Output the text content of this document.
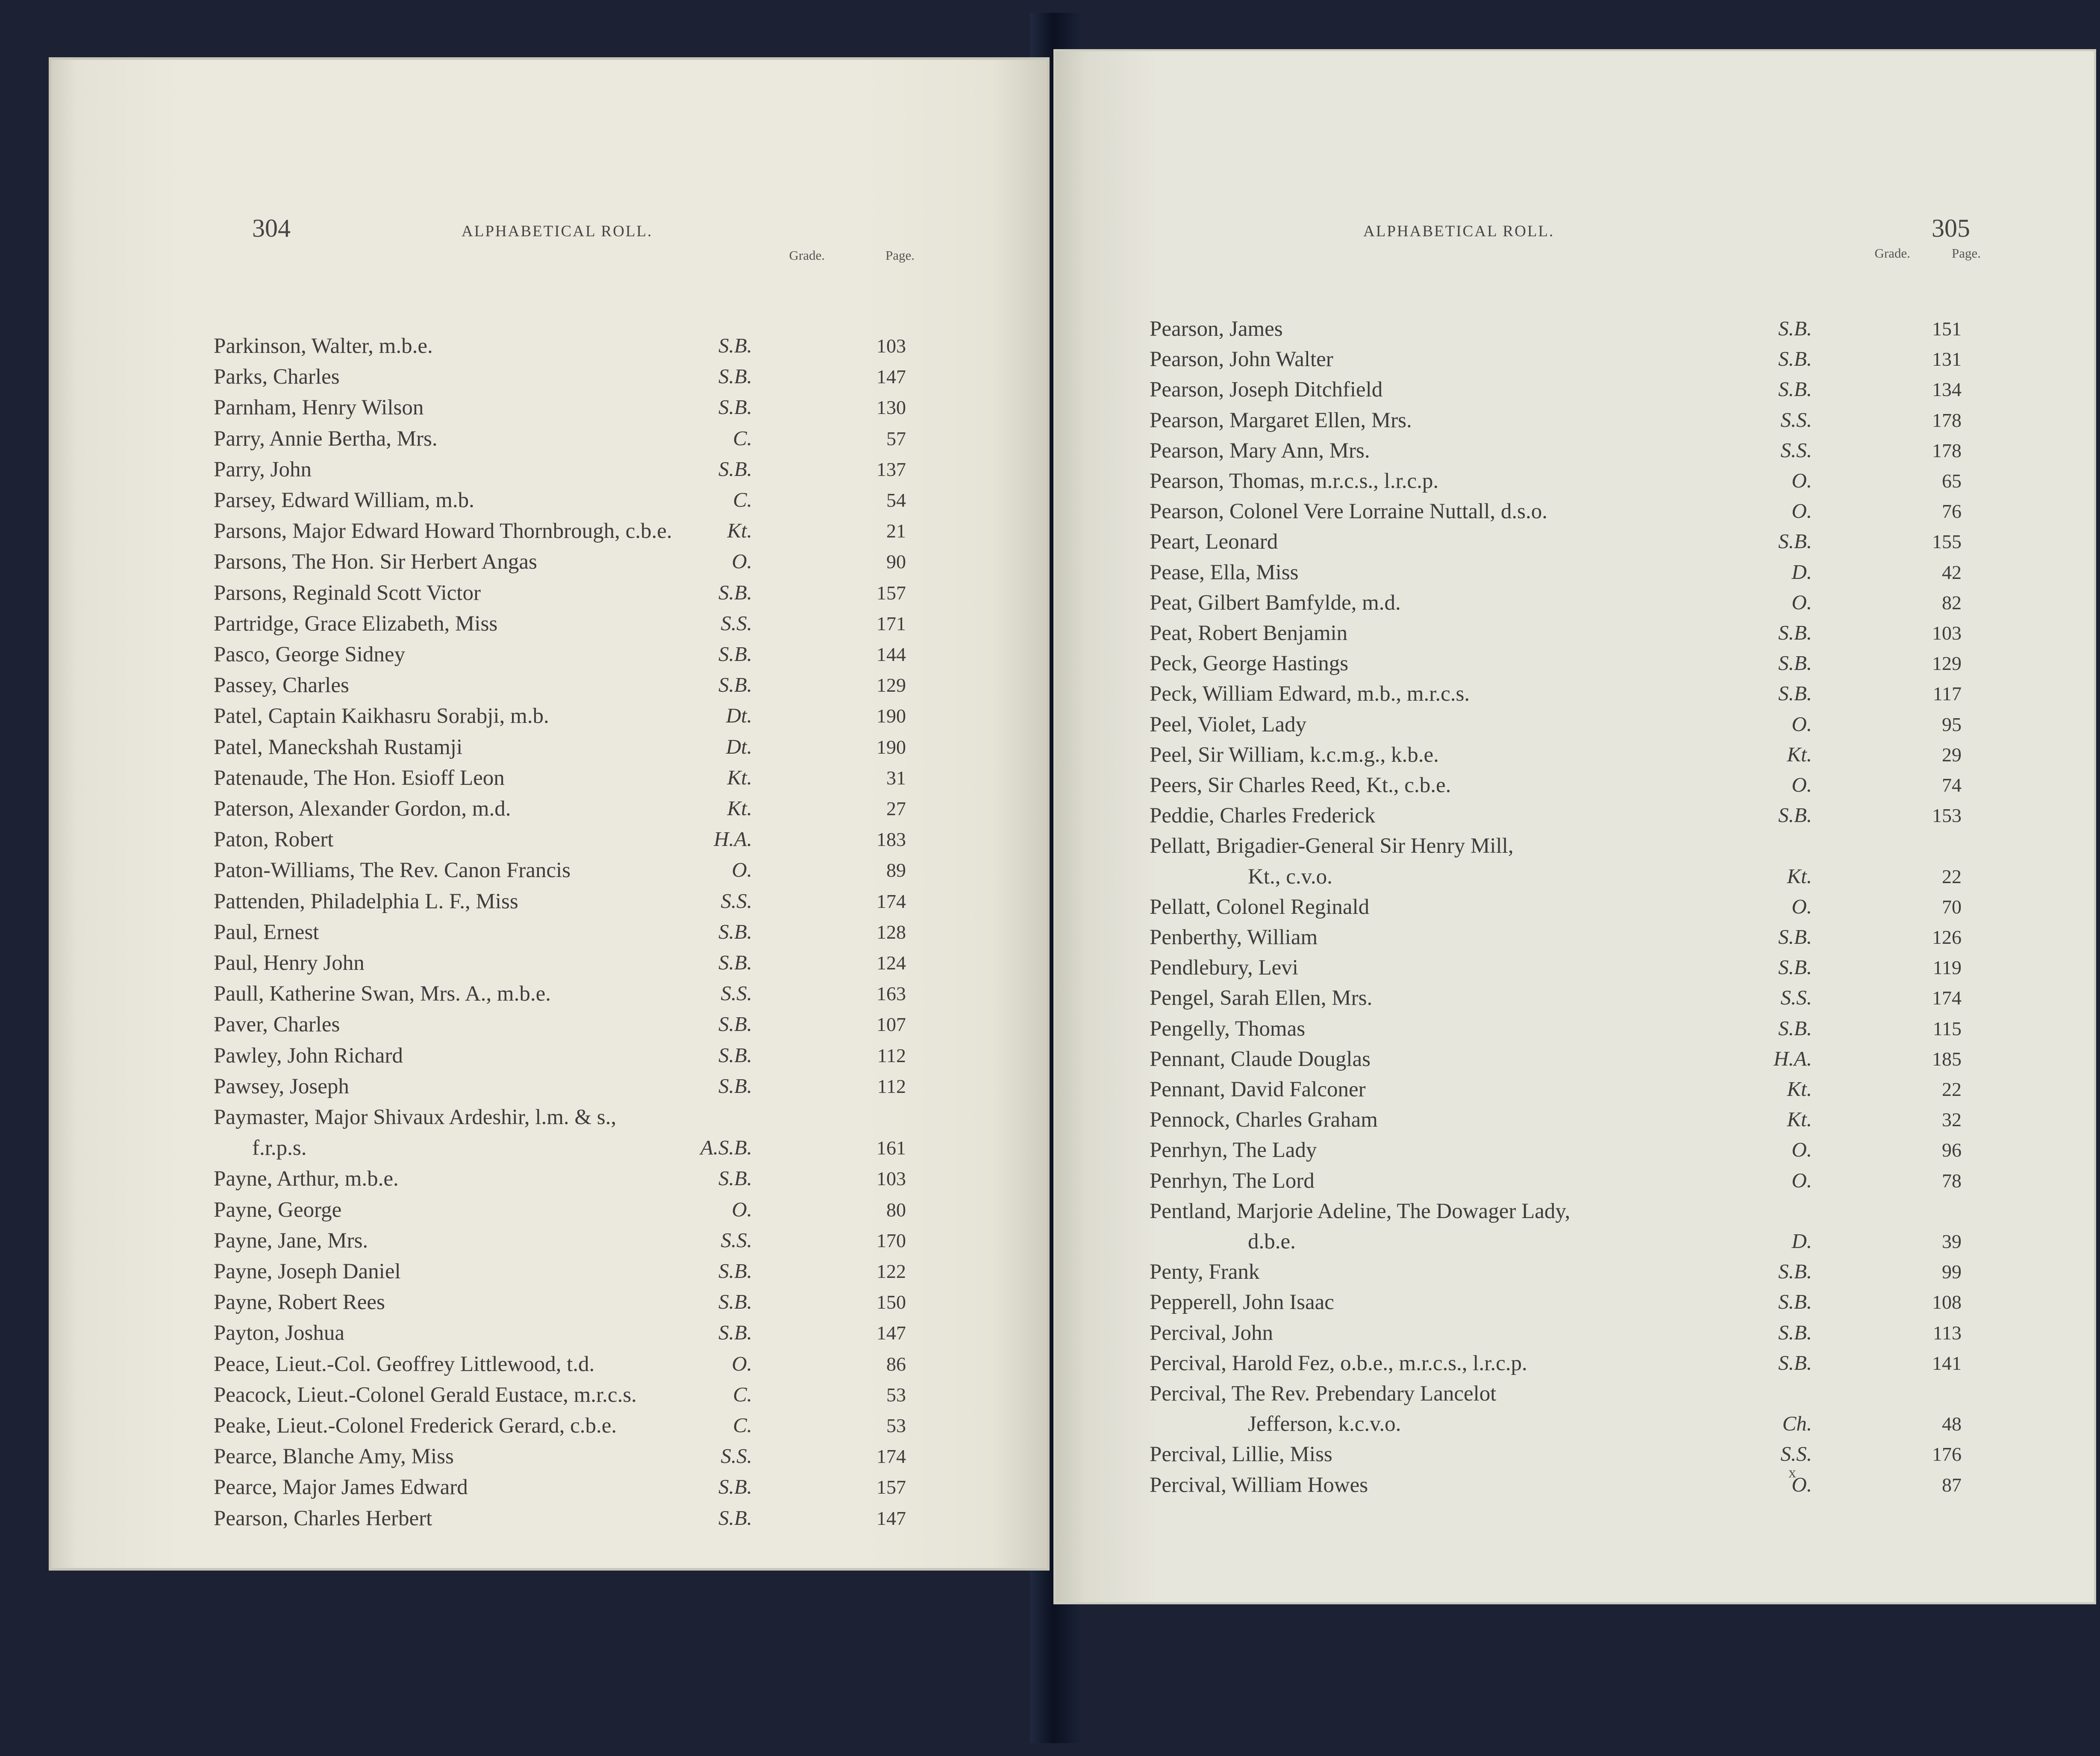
304	ALPHABETICAL ROLL.
Grade.	Page.
Parkinson, Walter, m.b.e.	S.B.	103
Parks, Charles	S.B.	147
Parnham, Henry Wilson	S.B.	130
Parry, Annie Bertha, Mrs.	C.	57
Parry, John	S.B.	137
Parsey, Edward William, m.b.	C.	54
Parsons, Major Edward Howard Thornbrough, c.b.e.	Kt.	21
Parsons, The Hon. Sir Herbert Angas	O.	90
Parsons, Reginald Scott Victor	S.B.	157
Partridge, Grace Elizabeth, Miss	S.S.	171
Pasco, George Sidney	S.B.	144
Passey, Charles	S.B.	129
Patel, Captain Kaikhasru Sorabji, m.b.	Dt.	190
Patel, Maneckshah Rustamji	Dt.	190
Patenaude, The Hon. Esioff Leon	Kt.	31
Paterson, Alexander Gordon, m.d.	Kt.	27
Paton, Robert	H.A.	183
Paton-Williams, The Rev. Canon Francis	O.	89
Pattenden, Philadelphia L. F., Miss	S.S.	174
Paul, Ernest	S.B.	128
Paul, Henry John	S.B.	124
Paull, Katherine Swan, Mrs. A., m.b.e.	S.S.	163
Paver, Charles	S.B.	107
Pawley, John Richard	S.B.	112
Pawsey, Joseph	S.B.	112
Paymaster, Major Shivaux Ardeshir, l.m. & s.,
f.r.p.s.	A.S.B.	161
Payne, Arthur, m.b.e.	S.B.	103
Payne, George	O.	80
Payne, Jane, Mrs.	S.S.	170
Payne, Joseph Daniel	S.B.	122
Payne, Robert Rees	S.B.	150
Payton, Joshua	S.B.	147
Peace, Lieut.-Col. Geoffrey Littlewood, t.d.	O.	86
Peacock, Lieut.-Colonel Gerald Eustace, m.r.c.s.	C.	53
Peake, Lieut.-Colonel Frederick Gerard, c.b.e.	C.	53
Pearce, Blanche Amy, Miss	S.S.	174
Pearce, Major James Edward	S.B.	157
Pearson, Charles Herbert	S.B.	147
ALPHABETICAL ROLL.	305
Grade.	Page.
Pearson, James	S.B.	151
Pearson, John Walter	S.B.	131
Pearson, Joseph Ditchfield	S.B.	134
Pearson, Margaret Ellen, Mrs.	S.S.	178
Pearson, Mary Ann, Mrs.	S.S.	178
Pearson, Thomas, m.r.c.s., l.r.c.p.	O.	65
Pearson, Colonel Vere Lorraine Nuttall, d.s.o.	O.	76
Peart, Leonard	S.B.	155
Pease, Ella, Miss	D.	42
Peat, Gilbert Bamfylde, m.d.	O.	82
Peat, Robert Benjamin	S.B.	103
Peck, George Hastings	S.B.	129
Peck, William Edward, m.b., m.r.c.s.	S.B.	117
Peel, Violet, Lady	O.	95
Peel, Sir William, k.c.m.g., k.b.e.	Kt.	29
Peers, Sir Charles Reed, Kt., c.b.e.	O.	74
Peddie, Charles Frederick	S.B.	153
Pellatt, Brigadier-General Sir Henry Mill,
Kt., c.v.o.	Kt.	22
Pellatt, Colonel Reginald	O.	70
Penberthy, William	S.B.	126
Pendlebury, Levi	S.B.	119
Pengel, Sarah Ellen, Mrs.	S.S.	174
Pengelly, Thomas	S.B.	115
Pennant, Claude Douglas	H.A.	185
Pennant, David Falconer	Kt.	22
Pennock, Charles Graham	Kt.	32
Penrhyn, The Lady	O.	96
Penrhyn, The Lord	O.	78
Pentland, Marjorie Adeline, The Dowager Lady,
d.b.e.	D.	39
Penty, Frank	S.B.	99
Pepperell, John Isaac	S.B.	108
Percival, John	S.B.	113
Percival, Harold Fez, o.b.e., m.r.c.s., l.r.c.p.	S.B.	141
Percival, The Rev. Prebendary Lancelot
Jefferson, k.c.v.o.	Ch.	48
Percival, Lillie, Miss	S.S.	176
Percival, William Howes	O.	87
x
